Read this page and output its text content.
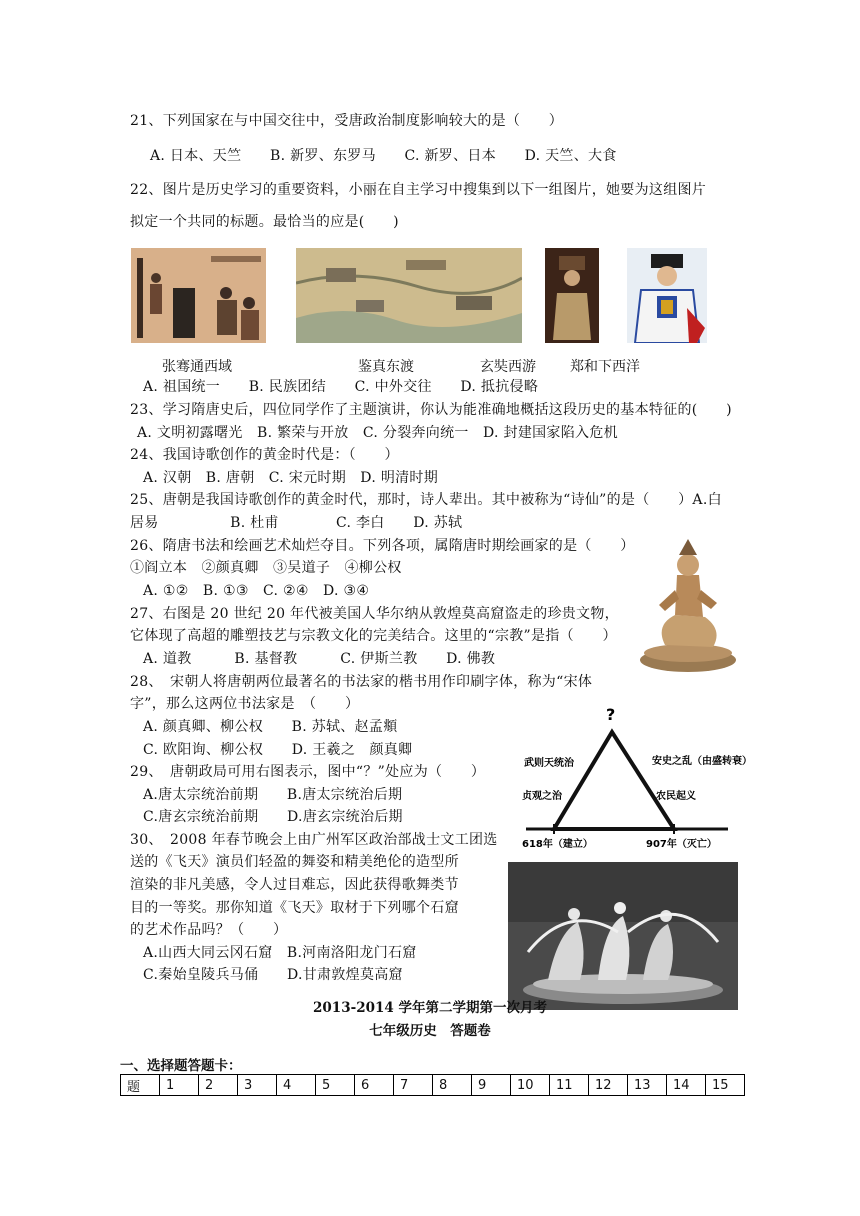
21、下列国家在与中国交往中，受唐政治制度影响较大的是（　　）
A. 日本、天竺　　B. 新罗、东罗马　　C. 新罗、日本　　D. 天竺、大食
22、图片是历史学习的重要资料，小丽在自主学习中搜集到以下一组图片，她要为这组图片
拟定一个共同的标题。最恰当的应是(　　)
张骞通西域	鉴真东渡	玄奘西游 郑和下西洋
A. 祖国统一　　B. 民族团结　　C. 中外交往　　D. 抵抗侵略
23、学习隋唐史后，四位同学作了主题演讲，你认为能准确地概括这段历史的基本特征的(　　)
A. 文明初露曙光　B. 繁荣与开放　C. 分裂奔向统一　D. 封建国家陷入危机
24、我国诗歌创作的黄金时代是：（　　）
A. 汉朝　B. 唐朝　C. 宋元时期　D. 明清时期
25、唐朝是我国诗歌创作的黄金时代，那时，诗人辈出。其中被称为“诗仙”的是（　　）A.白
居易　　　　　B. 杜甫　　　　C. 李白　　D. 苏轼
26、隋唐书法和绘画艺术灿烂夺目。下列各项，属隋唐时期绘画家的是（　　）
①阎立本　②颜真卿　③吴道子　④柳公权
A. ①②　B. ①③　C. ②④　D. ③④
27、右图是 20 世纪 20 年代被美国人华尔纳从敦煌莫高窟盗走的珍贵文物，
它体现了高超的雕塑技艺与宗教文化的完美结合。这里的“宗教”是指（　　）
A. 道教　　　B. 基督教　　　C. 伊斯兰教　　D. 佛教
28、　宋朝人将唐朝两位最著名的书法家的楷书用作印刷字体，称为“宋体
字”，那么这两位书法家是　（　　）
A. 颜真卿、柳公权　　B. 苏轼、赵孟頫
C. 欧阳询、柳公权　　D. 王羲之　颜真卿
29、　唐朝政局可用右图表示，图中“？”处应为（　　）
A.唐太宗统治前期　　B.唐太宗统治后期
C.唐玄宗统治前期　　D.唐玄宗统治后期
?
武则天统治
贞观之治
安史之乱（由盛转衰）
农民起义
618年（建立）	907年（灭亡）
30、　2008 年春节晚会上由广州军区政治部战士文工团选
送的《飞天》演员们轻盈的舞姿和精美绝伦的造型所
渲染的非凡美感，令人过目难忘，因此获得歌舞类节
目的一等奖。那你知道《飞天》取材于下列哪个石窟
的艺术作品吗？（　　）
A.山西大同云冈石窟　B.河南洛阳龙门石窟
C.秦始皇陵兵马俑　　D.甘肃敦煌莫高窟
2013-2014 学年第二学期第一次月考
七年级历史　答题卷
一、选择题答题卡：
题	1	2	3	4	5	6	7	8	9	10	11	12	13	14	15
